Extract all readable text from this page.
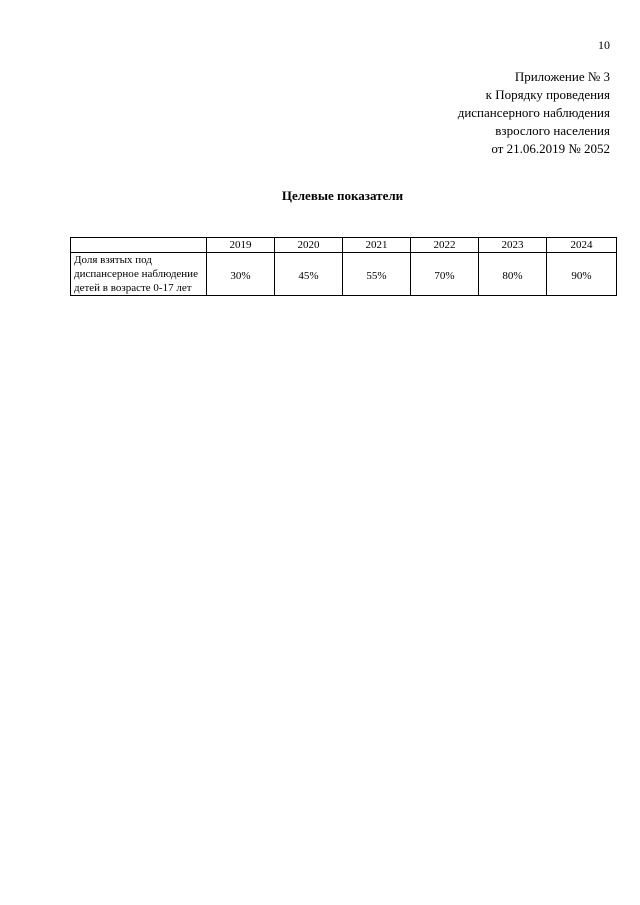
10
Приложение № 3
к Порядку проведения
диспансерного наблюдения
взрослого населения
от 21.06.2019 № 2052
Целевые показатели
	2019	2020	2021	2022	2023	2024
Доля взятых под диспансерное наблюдение детей в возрасте 0-17 лет	30%	45%	55%	70%	80%	90%
